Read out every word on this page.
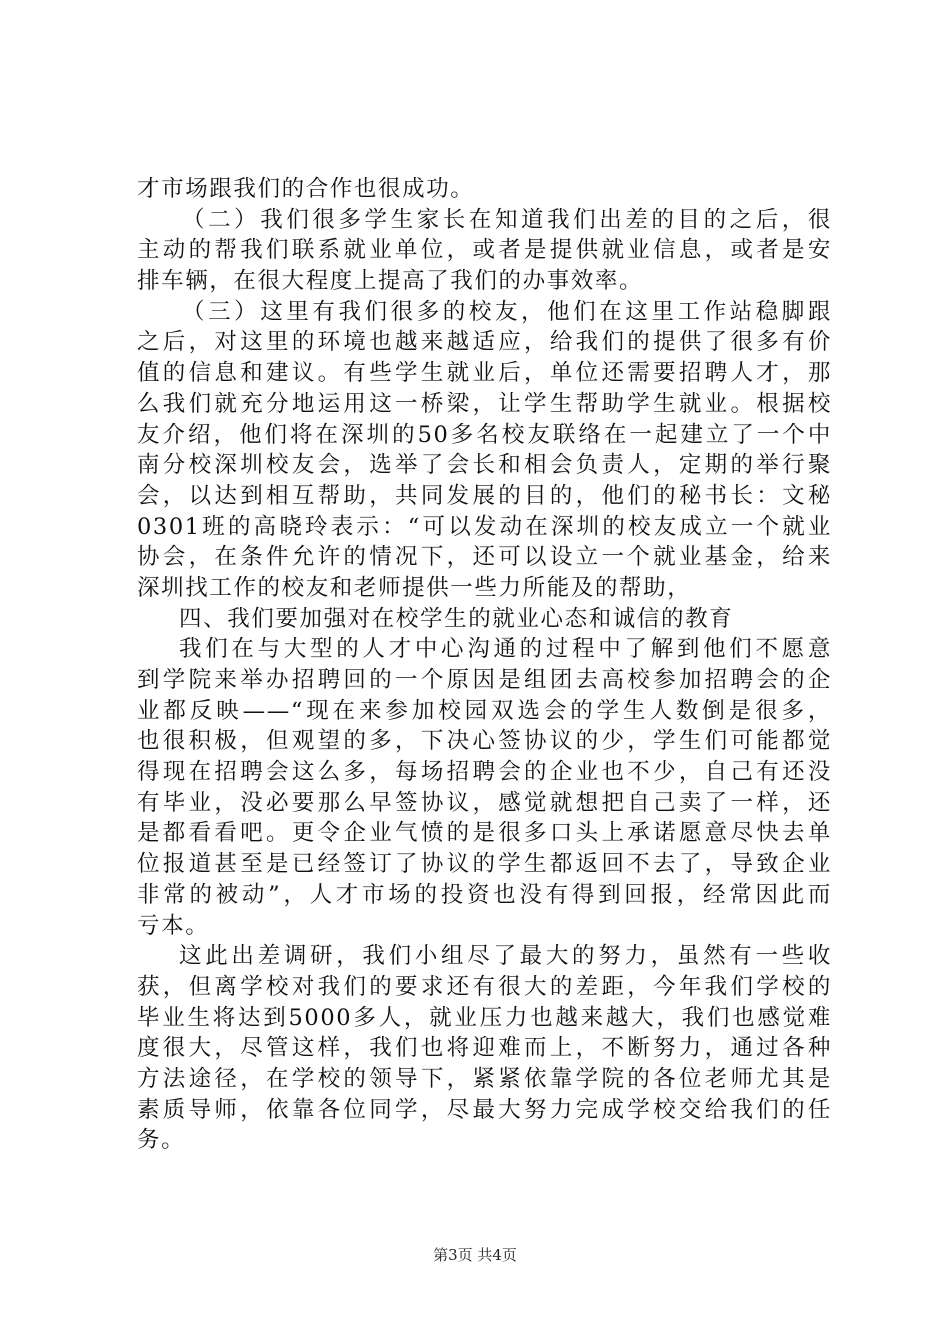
才市场跟我们的合作也很成功。
（二）我们很多学生家长在知道我们出差的目的之后，很
主动的帮我们联系就业单位，或者是提供就业信息，或者是安
排车辆，在很大程度上提高了我们的办事效率。
（三）这里有我们很多的校友，他们在这里工作站稳脚跟
之后，对这里的环境也越来越适应，给我们的提供了很多有价
值的信息和建议。有些学生就业后，单位还需要招聘人才，那
么我们就充分地运用这一桥梁，让学生帮助学生就业。根据校
友介绍，他们将在深圳的50多名校友联络在一起建立了一个中
南分校深圳校友会，选举了会长和相会负责人，定期的举行聚
会，以达到相互帮助，共同发展的目的，他们的秘书长：文秘
0301班的高晓玲表示：“可以发动在深圳的校友成立一个就业
协会，在条件允许的情况下，还可以设立一个就业基金，给来
深圳找工作的校友和老师提供一些力所能及的帮助，
四、我们要加强对在校学生的就业心态和诚信的教育
我们在与大型的人才中心沟通的过程中了解到他们不愿意
到学院来举办招聘回的一个原因是组团去高校参加招聘会的企
业都反映——“现在来参加校园双选会的学生人数倒是很多，
也很积极，但观望的多，下决心签协议的少，学生们可能都觉
得现在招聘会这么多，每场招聘会的企业也不少，自己有还没
有毕业，没必要那么早签协议，感觉就想把自己卖了一样，还
是都看看吧。更令企业气愤的是很多口头上承诺愿意尽快去单
位报道甚至是已经签订了协议的学生都返回不去了，导致企业
非常的被动”，人才市场的投资也没有得到回报，经常因此而
亏本。
这此出差调研，我们小组尽了最大的努力，虽然有一些收
获，但离学校对我们的要求还有很大的差距，今年我们学校的
毕业生将达到5000多人，就业压力也越来越大，我们也感觉难
度很大，尽管这样，我们也将迎难而上，不断努力，通过各种
方法途径，在学校的领导下，紧紧依靠学院的各位老师尤其是
素质导师，依靠各位同学，尽最大努力完成学校交给我们的任
务。
第3页 共4页
